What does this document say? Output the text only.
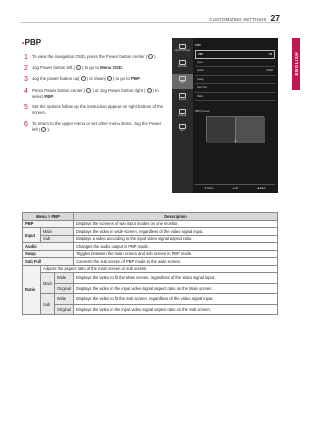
CUSTOMIZING SETTINGS 27
ENGLISH
•PBP
1 To view the navigation OSD, press the Power button center ( ).
2 Jog Power button left ( ) to go to Menu OSD.
3 Jog the power button up( ) or down( ) to go to PBP.
4 Press Power button center ( ) or Jog Power button right ( ) to select PBP.
5 Set the options follow up the instruction appear on right bottom of the screen.
6 To return to the upper menu or set other menu items, Jog the Power left ( ).
Quick Settings
Function
PBP
System
Settings
Exit
PBP
PBP	Off
Input
Audio	HDMI
Swap
Sub Full
Ratio
PBP Preview
Off
✥ Move	● OK	◀ Back
Menu > PBP			Description
PBP			Displays the screens of two input modes on one monitor.
Input	Main		Displays the video in wide-screen, regardless of the video signal input.
	Sub		Displays a video according to the input video signal aspect ratio.
Audio			Changes the audio output in PBP mode.
Swap			Toggles between the main screen and sub screen in PBP mode.
Sub Full			Converts the sub screen of PBP mode to the wide screen.
Ratio	Adjusts the aspect ratio of the main screen or sub screen.		
	Main	Wide	Displays the video to fit the Main screen, regardless of the video signal input.
		Original	Displays the video in the input video signal aspect ratio on the Main screen.
	Sub	Wide	Displays the video to fit the Sub screen, regardless of the video signal input.
		Original	Displays the video in the input video signal aspect ratio on the Sub screen.
